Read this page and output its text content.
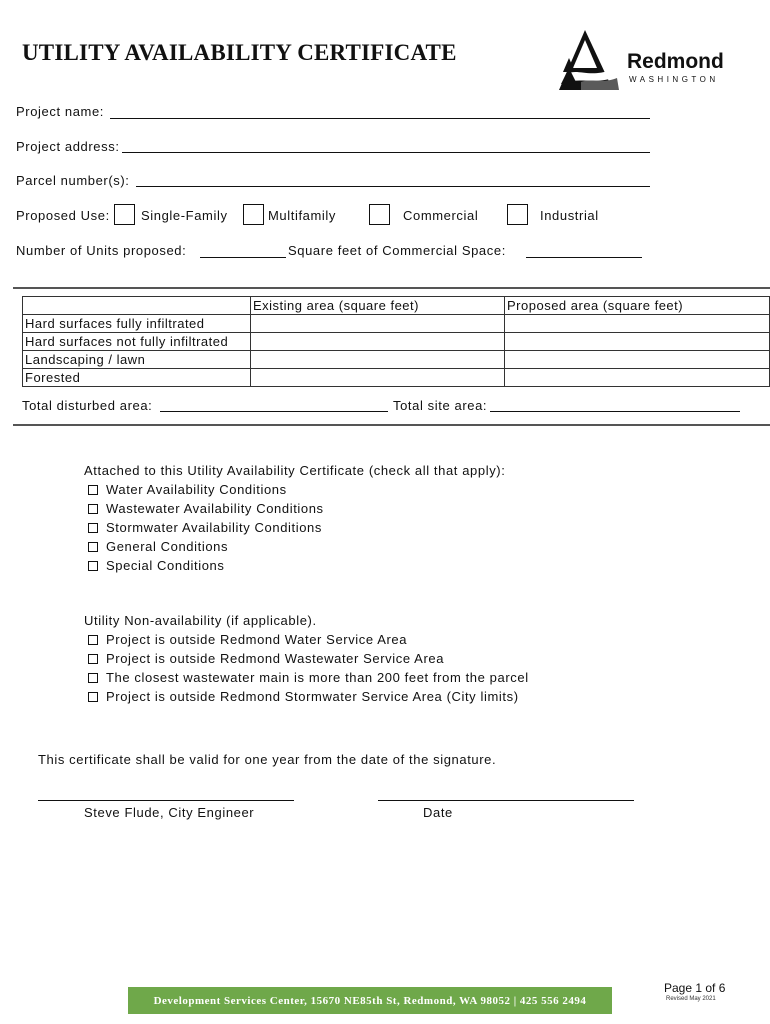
UTILITY AVAILABILITY CERTIFICATE	Redmond
WASHINGTON
Project name:
Project address:
Parcel number(s):
Proposed Use: Single-Family	Multifamily	Commercial	Industrial
Number of Units proposed:	Square feet of Commercial Space:
	Existing area (square feet)	Proposed area (square feet)
Hard surfaces fully infiltrated		
Hard surfaces not fully infiltrated		
Landscaping / lawn		
Forested		
Total disturbed area:	Total site area:
Attached to this Utility Availability Certificate (check all that apply):
Water Availability Conditions
Wastewater Availability Conditions
Stormwater Availability Conditions
General Conditions
Special Conditions
Utility Non-availability (if applicable).
Project is outside Redmond Water Service Area
Project is outside Redmond Wastewater Service Area
The closest wastewater main is more than 200 feet from the parcel
Project is outside Redmond Stormwater Service Area (City limits)
This certificate shall be valid for one year from the date of the signature.
Steve Flude, City Engineer	Date
Development Services Center, 15670 NE85th St, Redmond, WA 98052 | 425 556 2494
Page 1 of 6
Revised May 2021
